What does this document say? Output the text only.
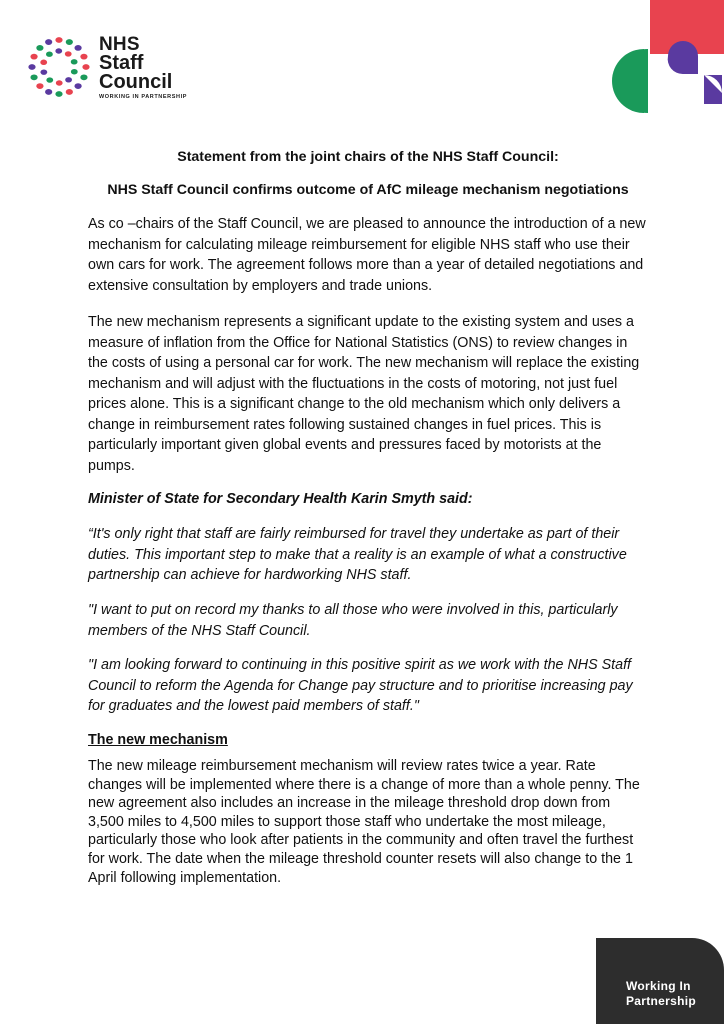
NHS
Staff
Council
WORKING IN PARTNERSHIP
Statement from the joint chairs of the NHS Staff Council:
NHS Staff Council confirms outcome of AfC mileage mechanism negotiations

As co –chairs of the Staff Council, we are pleased to announce the introduction of a new mechanism for calculating mileage reimbursement for eligible NHS staff who use their own cars for work. The agreement follows more than a year of detailed negotiations and extensive consultation by employers and trade unions.

The new mechanism represents a significant update to the existing system and uses a measure of inflation from the Office for National Statistics (ONS) to review changes in the costs of using a personal car for work. The new mechanism will replace the existing mechanism and will adjust with the fluctuations in the costs of motoring, not just fuel prices alone. This is a significant change to the old mechanism which only delivers a change in reimbursement rates following sustained changes in fuel prices. This is particularly important given global events and pressures faced by motorists at the pumps.

Minister of State for Secondary Health Karin Smyth said:

“It's only right that staff are fairly reimbursed for travel they undertake as part of their duties. This important step to make that a reality is an example of what a constructive partnership can achieve for hardworking NHS staff.

"I want to put on record my thanks to all those who were involved in this, particularly members of the NHS Staff Council.

"I am looking forward to continuing in this positive spirit as we work with the NHS Staff Council to reform the Agenda for Change pay structure and to prioritise increasing pay for graduates and the lowest paid members of staff."

The new mechanism

The new mileage reimbursement mechanism will review rates twice a year. Rate changes will be implemented where there is a change of more than a whole penny. The new agreement also includes an increase in the mileage threshold drop down from 3,500 miles to 4,500 miles to support those staff who undertake the most mileage, particularly those who look after patients in the community and often travel the furthest for work. The date when the mileage threshold counter resets will also change to the 1 April following implementation.

Working In
Partnership
